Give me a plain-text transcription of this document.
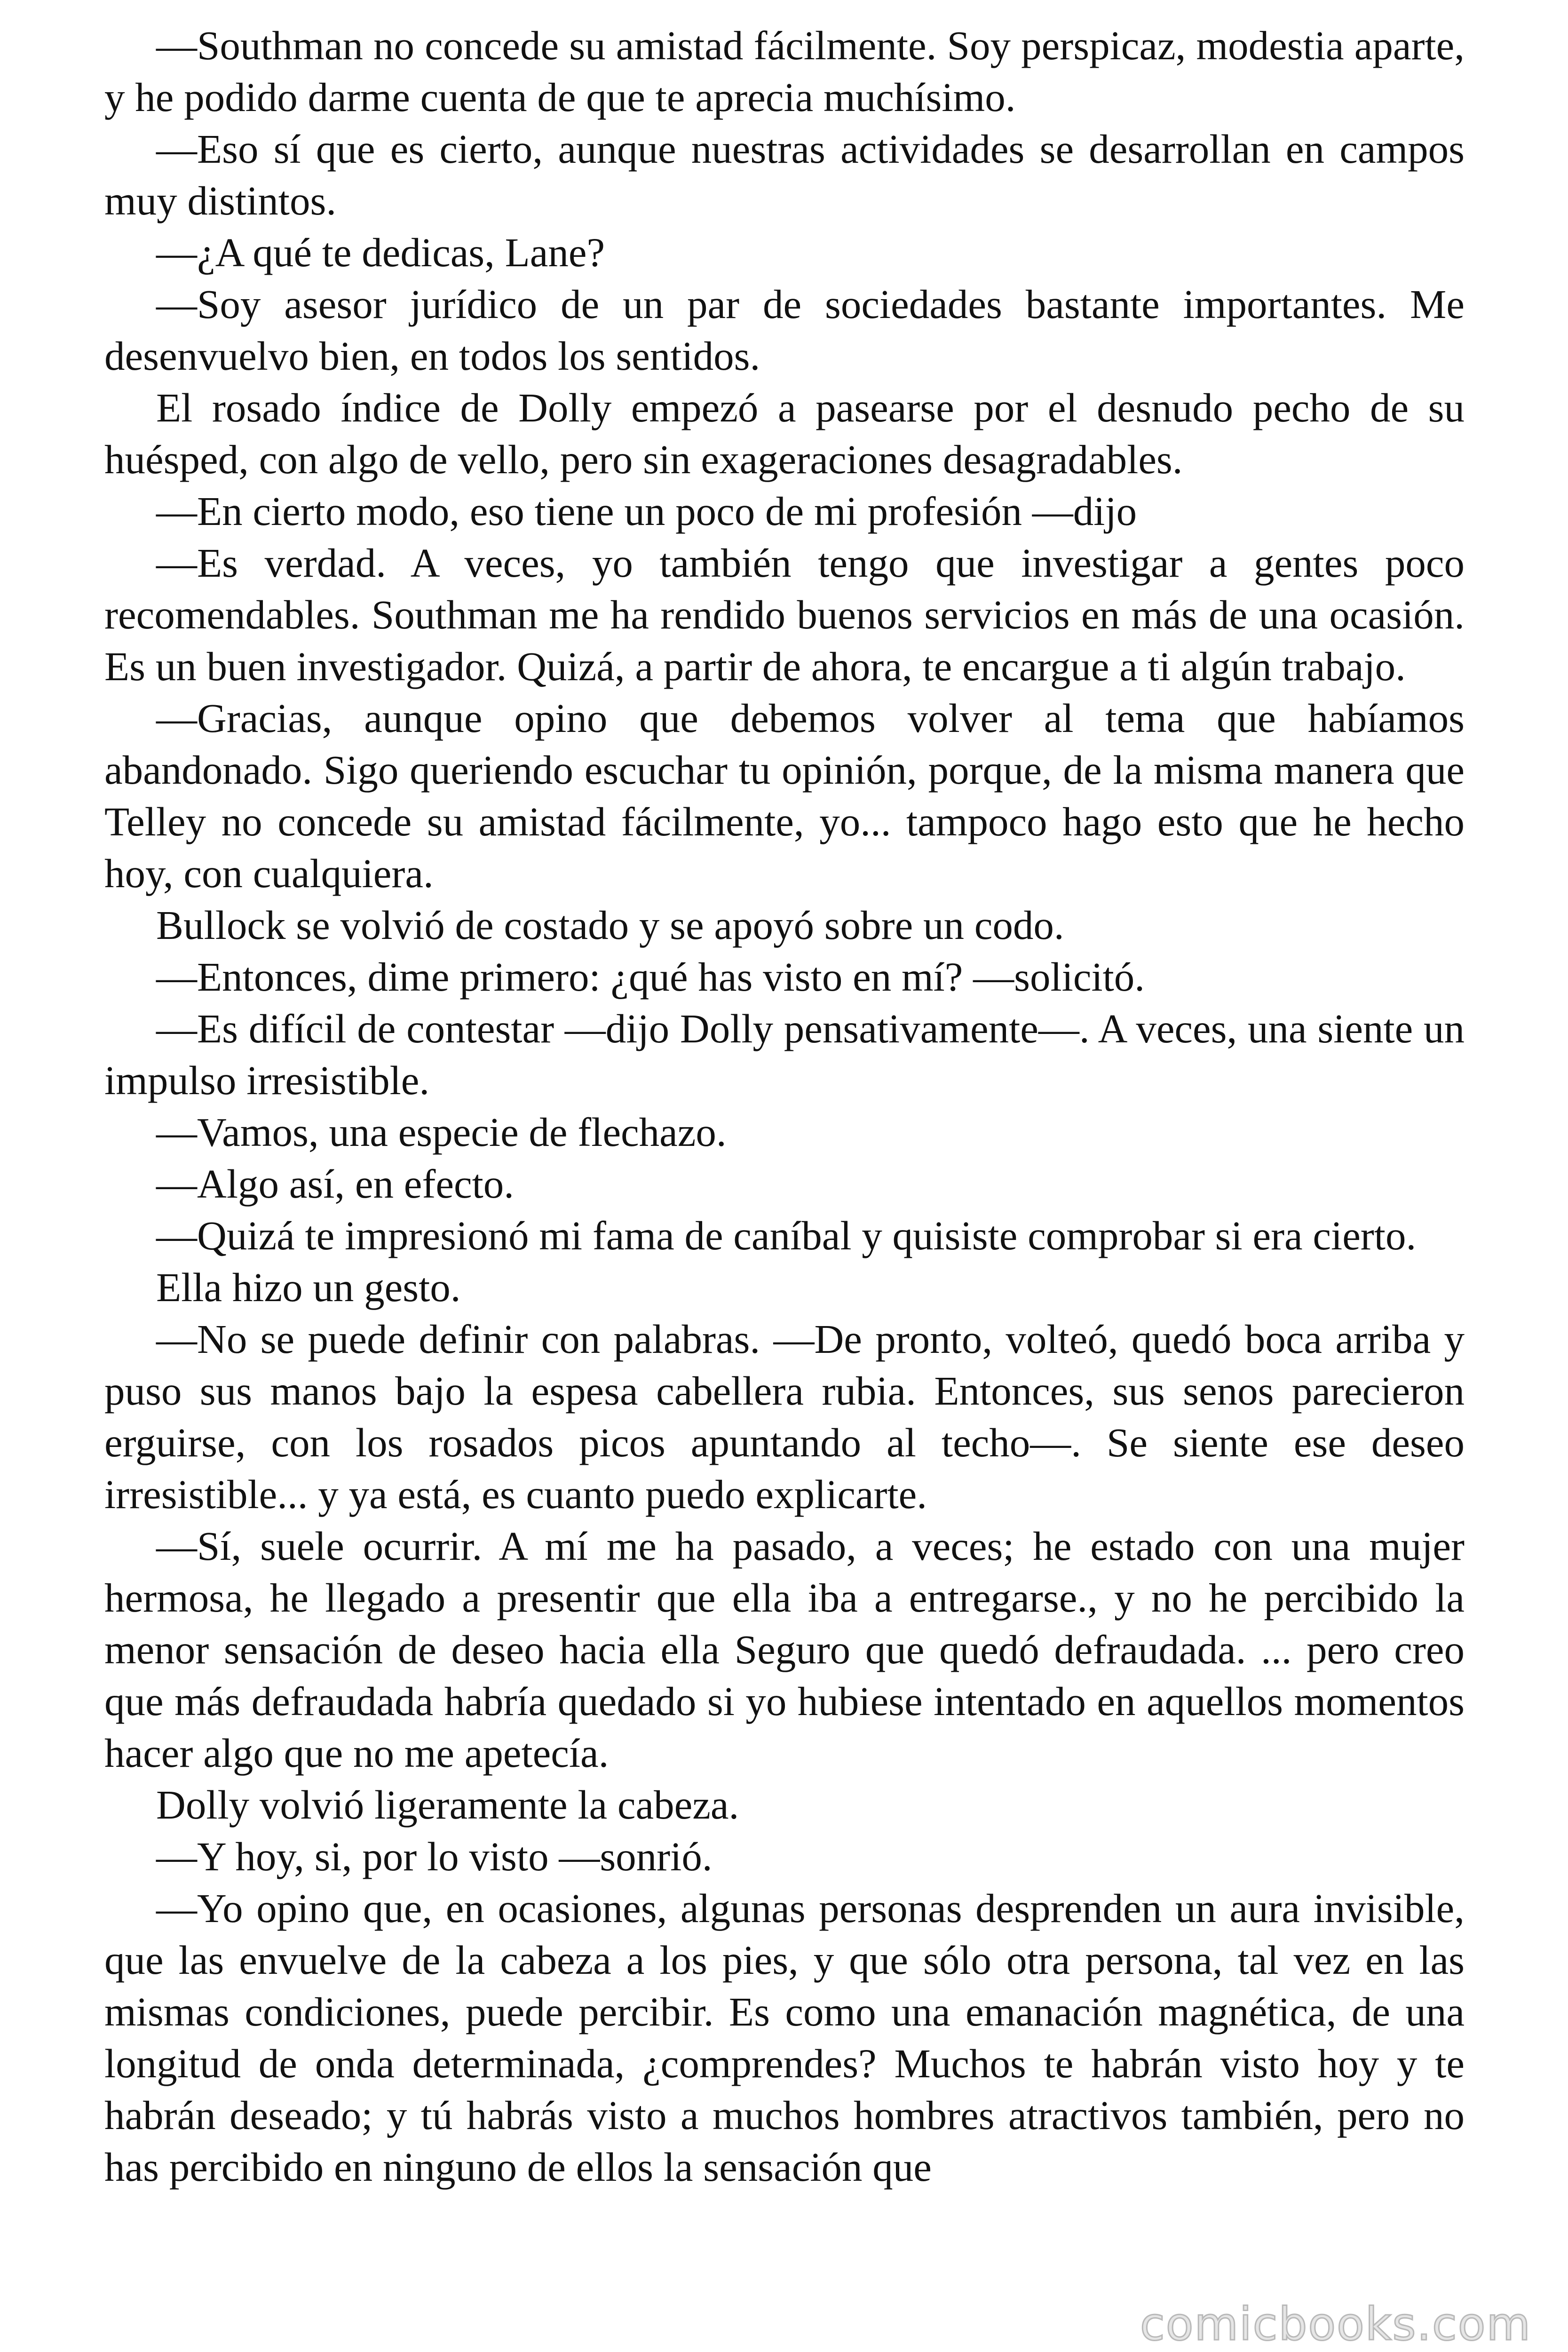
—Southman no concede su amistad fácilmente. Soy perspicaz, modestia aparte, y he podido darme cuenta de que te aprecia muchísimo.

—Eso sí que es cierto, aunque nuestras actividades se desarrollan en campos muy distintos.

—¿A qué te dedicas, Lane?

—Soy asesor jurídico de un par de sociedades bastante importantes. Me desenvuelvo bien, en todos los sentidos.

El rosado índice de Dolly empezó a pasearse por el desnudo pecho de su huésped, con algo de vello, pero sin exageraciones desagradables.

—En cierto modo, eso tiene un poco de mi profesión —dijo

—Es verdad. A veces, yo también tengo que investigar a gentes poco recomendables. Southman me ha rendido buenos servicios en más de una ocasión. Es un buen investigador. Quizá, a partir de ahora, te encargue a ti algún trabajo.

—Gracias, aunque opino que debemos volver al tema que habíamos abandonado. Sigo queriendo escuchar tu opinión, porque, de la misma manera que Telley no concede su amistad fácilmente, yo... tampoco hago esto que he hecho hoy, con cualquiera.

Bullock se volvió de costado y se apoyó sobre un codo.

—Entonces, dime primero: ¿qué has visto en mí? —solicitó.

—Es difícil de contestar —dijo Dolly pensativamente—. A veces, una siente un impulso irresistible.

—Vamos, una especie de flechazo.

—Algo así, en efecto.

—Quizá te impresionó mi fama de caníbal y quisiste comprobar si era cierto.

Ella hizo un gesto.

—No se puede definir con palabras. —De pronto, volteó, quedó boca arriba y puso sus manos bajo la espesa cabellera rubia. Entonces, sus senos parecieron erguirse, con los rosados picos apuntando al techo—. Se siente ese deseo irresistible... y ya está, es cuanto puedo explicarte.

—Sí, suele ocurrir. A mí me ha pasado, a veces; he estado con una mujer hermosa, he llegado a presentir que ella iba a entregarse., y no he percibido la menor sensación de deseo hacia ella Seguro que quedó defraudada. ... pero creo que más defraudada habría quedado si yo hubiese intentado en aquellos momentos hacer algo que no me apetecía.

Dolly volvió ligeramente la cabeza.

—Y hoy, si, por lo visto —sonrió.

—Yo opino que, en ocasiones, algunas personas desprenden un aura invisible, que las envuelve de la cabeza a los pies, y que sólo otra persona, tal vez en las mismas condiciones, puede percibir. Es como una emanación magnética, de una longitud de onda determinada, ¿comprendes? Muchos te habrán visto hoy y te habrán deseado; y tú habrás visto a muchos hombres atractivos también, pero no has percibido en ninguno de ellos la sensación que

comicbooks.com
